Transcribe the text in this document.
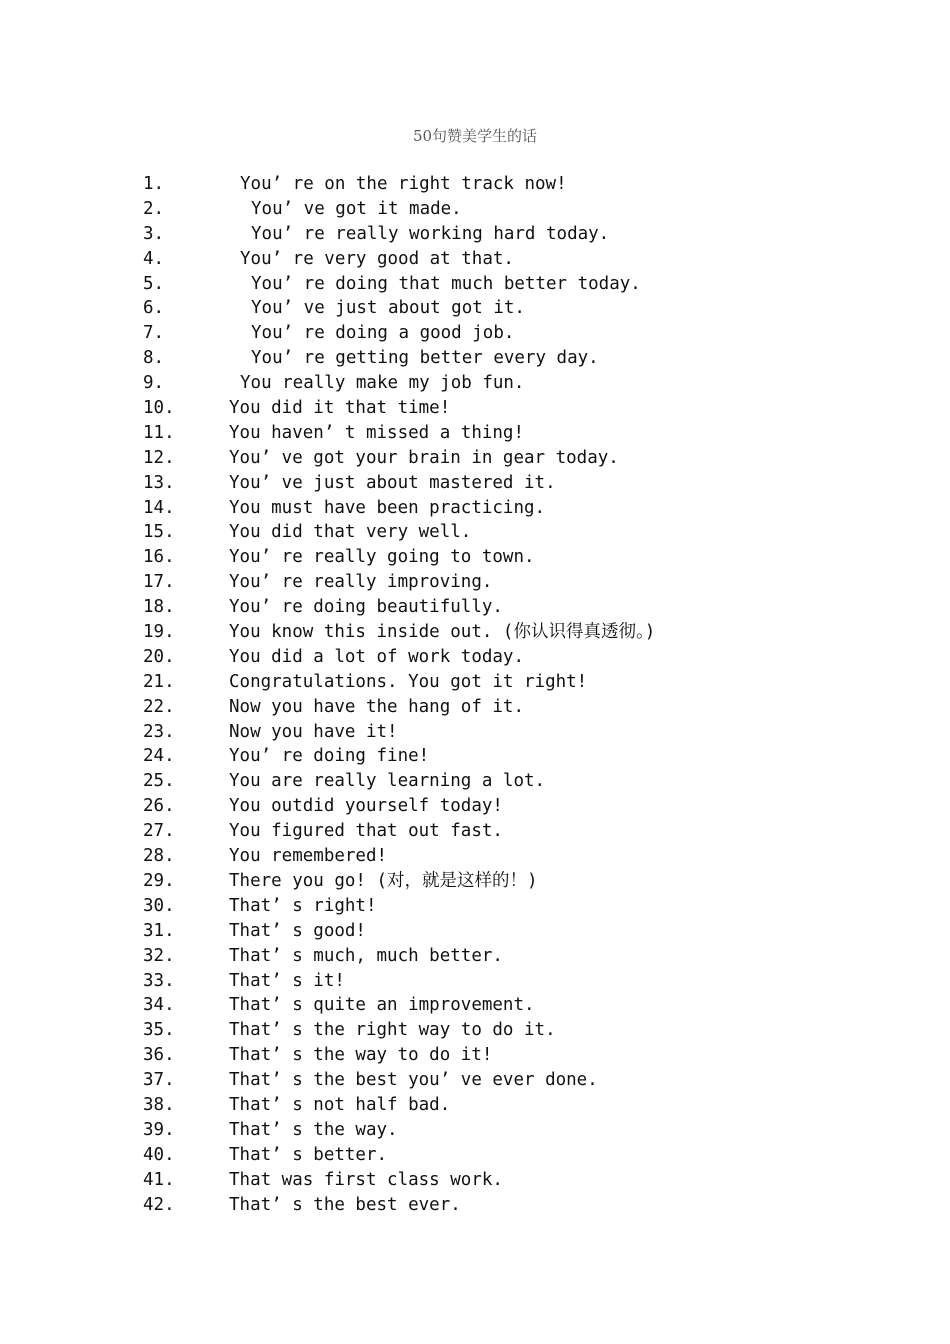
50句赞美学生的话
1.	You’ re on the right track now!
2.	You’ ve got it made.
3.	You’ re really working hard today.
4.	You’ re very good at that.
5.	You’ re doing that much better today.
6.	You’ ve just about got it.
7.	You’ re doing a good job.
8.	You’ re getting better every day.
9.	You really make my job fun.
10.	You did it that time!
11.	You haven’ t missed a thing!
12.	You’ ve got your brain in gear today.
13.	You’ ve just about mastered it.
14.	You must have been practicing.
15.	You did that very well.
16.	You’ re really going to town.
17.	You’ re really improving.
18.	You’ re doing beautifully.
19.	You know this inside out. (你认识得真透彻。)
20.	You did a lot of work today.
21.	Congratulations. You got it right!
22.	Now you have the hang of it.
23.	Now you have it!
24.	You’ re doing fine!
25.	You are really learning a lot.
26.	You outdid yourself today!
27.	You figured that out fast.
28.	You remembered!
29.	There you go! (对，就是这样的！)
30.	That’ s right!
31.	That’ s good!
32.	That’ s much, much better.
33.	That’ s it!
34.	That’ s quite an improvement.
35.	That’ s the right way to do it.
36.	That’ s the way to do it!
37.	That’ s the best you’ ve ever done.
38.	That’ s not half bad.
39.	That’ s the way.
40.	That’ s better.
41.	That was first class work.
42.	That’ s the best ever.
